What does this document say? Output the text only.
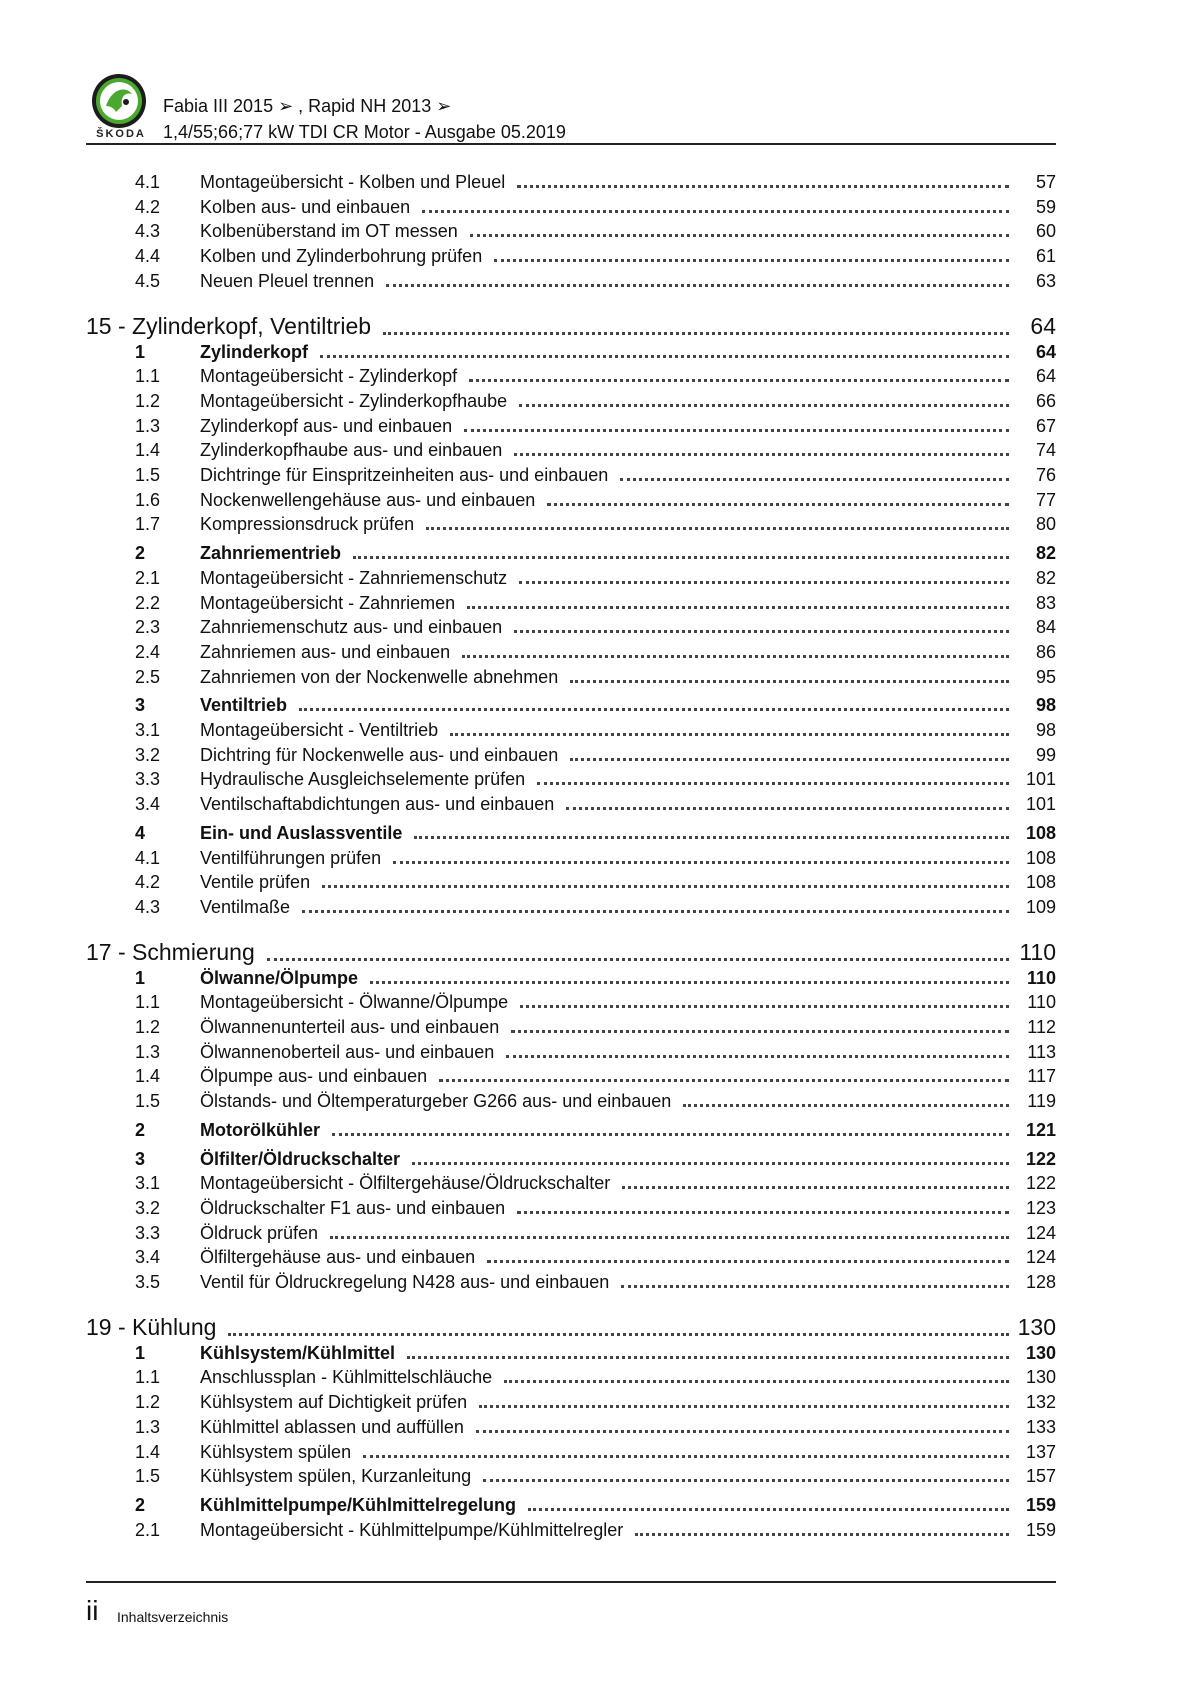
ŠKODA
Fabia III 2015 ➢ , Rapid NH 2013 ➢
1,4/55;66;77 kW TDI CR Motor - Ausgabe 05.2019
4.1 Montageübersicht - Kolben und Pleuel	57
4.2 Kolben aus- und einbauen	59
4.3 Kolbenüberstand im OT messen	60
4.4 Kolben und Zylinderbohrung prüfen	61
4.5 Neuen Pleuel trennen	63
15 - Zylinderkopf, Ventiltrieb	64
1	Zylinderkopf	64
1.1 Montageübersicht - Zylinderkopf	64
1.2 Montageübersicht - Zylinderkopfhaube	66
1.3 Zylinderkopf aus- und einbauen	67
1.4 Zylinderkopfhaube aus- und einbauen	74
1.5 Dichtringe für Einspritzeinheiten aus- und einbauen	76
1.6 Nockenwellengehäuse aus- und einbauen	77
1.7 Kompressionsdruck prüfen	80
2	Zahnriementrieb	82
2.1 Montageübersicht - Zahnriemenschutz	82
2.2 Montageübersicht - Zahnriemen	83
2.3 Zahnriemenschutz aus- und einbauen	84
2.4 Zahnriemen aus- und einbauen	86
2.5 Zahnriemen von der Nockenwelle abnehmen	95
3	Ventiltrieb	98
3.1 Montageübersicht - Ventiltrieb	98
3.2 Dichtring für Nockenwelle aus- und einbauen	99
3.3 Hydraulische Ausgleichselemente prüfen	101
3.4 Ventilschaftabdichtungen aus- und einbauen	101
4	Ein- und Auslassventile	108
4.1 Ventilführungen prüfen	108
4.2 Ventile prüfen	108
4.3 Ventilmaße	109
17 - Schmierung	110
1	Ölwanne/Ölpumpe	110
1.1 Montageübersicht - Ölwanne/Ölpumpe	110
1.2 Ölwannenunterteil aus- und einbauen	112
1.3 Ölwannenoberteil aus- und einbauen	113
1.4 Ölpumpe aus- und einbauen	117
1.5 Ölstands- und Öltemperaturgeber G266 aus- und einbauen	119
2	Motorölkühler	121
3	Ölfilter/Öldruckschalter	122
3.1 Montageübersicht - Ölfiltergehäuse/Öldruckschalter	122
3.2 Öldruckschalter F1 aus- und einbauen	123
3.3 Öldruck prüfen	124
3.4 Ölfiltergehäuse aus- und einbauen	124
3.5 Ventil für Öldruckregelung N428 aus- und einbauen	128
19 - Kühlung	130
1	Kühlsystem/Kühlmittel	130
1.1 Anschlussplan - Kühlmittelschläuche	130
1.2 Kühlsystem auf Dichtigkeit prüfen	132
1.3 Kühlmittel ablassen und auffüllen	133
1.4 Kühlsystem spülen	137
1.5 Kühlsystem spülen, Kurzanleitung	157
2	Kühlmittelpumpe/Kühlmittelregelung	159
2.1 Montageübersicht - Kühlmittelpumpe/Kühlmittelregler	159
ii Inhaltsverzeichnis
